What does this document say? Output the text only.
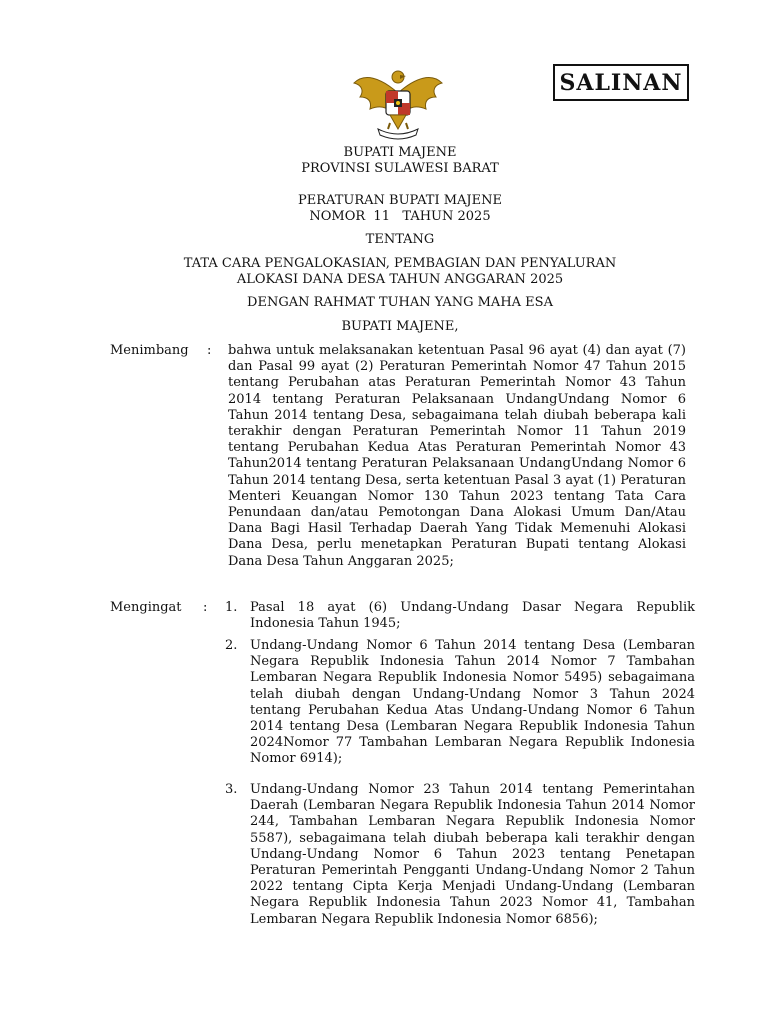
SALINAN
BUPATI MAJENE
PROVINSI SULAWESI BARAT
PERATURAN BUPATI MAJENE
NOMOR  11   TAHUN 2025
TENTANG
TATA CARA PENGALOKASIAN, PEMBAGIAN DAN PENYALURAN
ALOKASI DANA DESA TAHUN ANGGARAN 2025
DENGAN RAHMAT TUHAN YANG MAHA ESA
BUPATI MAJENE,
Menimbang : bahwa untuk melaksanakan ketentuan Pasal 96 ayat (4) dan ayat (7) dan Pasal 99 ayat (2) Peraturan Pemerintah Nomor 47 Tahun 2015 tentang Perubahan atas Peraturan Pemerintah Nomor 43 Tahun 2014 tentang Peraturan Pelaksanaan UndangUndang Nomor 6 Tahun 2014 tentang Desa, sebagaimana telah diubah beberapa kali terakhir dengan Peraturan Pemerintah Nomor 11 Tahun 2019 tentang Perubahan Kedua Atas Peraturan Pemerintah Nomor 43 Tahun2014 tentang Peraturan Pelaksanaan UndangUndang Nomor 6 Tahun 2014 tentang Desa, serta ketentuan Pasal 3 ayat (1) Peraturan Menteri Keuangan Nomor 130 Tahun 2023 tentang Tata Cara Penundaan dan/atau Pemotongan Dana Alokasi Umum Dan/Atau Dana Bagi Hasil Terhadap Daerah Yang Tidak Memenuhi Alokasi Dana Desa, perlu menetapkan Peraturan Bupati tentang Alokasi Dana Desa Tahun Anggaran 2025;
Mengingat : 1. Pasal 18 ayat (6) Undang-Undang Dasar Negara Republik Indonesia Tahun 1945;
2. Undang-Undang Nomor 6 Tahun 2014 tentang Desa (Lembaran Negara Republik Indonesia Tahun 2014 Nomor 7 Tambahan Lembaran Negara Republik Indonesia Nomor 5495) sebagaimana telah diubah dengan Undang-Undang Nomor 3 Tahun 2024 tentang Perubahan Kedua Atas Undang-Undang Nomor 6 Tahun 2014 tentang Desa (Lembaran Negara Republik Indonesia Tahun 2024Nomor 77 Tambahan Lembaran Negara Republik Indonesia Nomor 6914);
3. Undang-Undang Nomor 23 Tahun 2014 tentang Pemerintahan Daerah (Lembaran Negara Republik Indonesia Tahun 2014 Nomor 244, Tambahan Lembaran Negara Republik Indonesia Nomor 5587), sebagaimana telah diubah beberapa kali terakhir dengan Undang-Undang Nomor 6 Tahun 2023 tentang Penetapan Peraturan Pemerintah Pengganti Undang-Undang Nomor 2 Tahun 2022 tentang Cipta Kerja Menjadi Undang-Undang (Lembaran Negara Republik Indonesia Tahun 2023 Nomor 41, Tambahan Lembaran Negara Republik Indonesia Nomor 6856);
